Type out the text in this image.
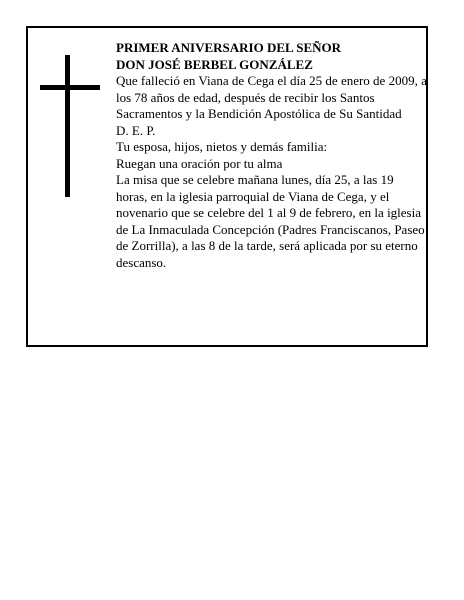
PRIMER ANIVERSARIO DEL SEÑOR
DON JOSÉ BERBEL GONZÁLEZ
Que falleció en Viana de Cega el día 25 de enero de 2009, a los 78 años de edad, después de recibir los Santos Sacramentos y la Bendición Apostólica de Su Santidad
D. E. P.
Tu esposa, hijos, nietos y demás familia:
Ruegan una oración por tu alma
La misa que se celebre mañana lunes, día 25, a las 19 horas, en la iglesia parroquial de Viana de Cega, y el novenario que se celebre del 1 al 9 de febrero, en la iglesia de La Inmaculada Concepción (Padres Franciscanos, Paseo de Zorrilla), a las 8 de la tarde, será aplicada por su eterno descanso.
